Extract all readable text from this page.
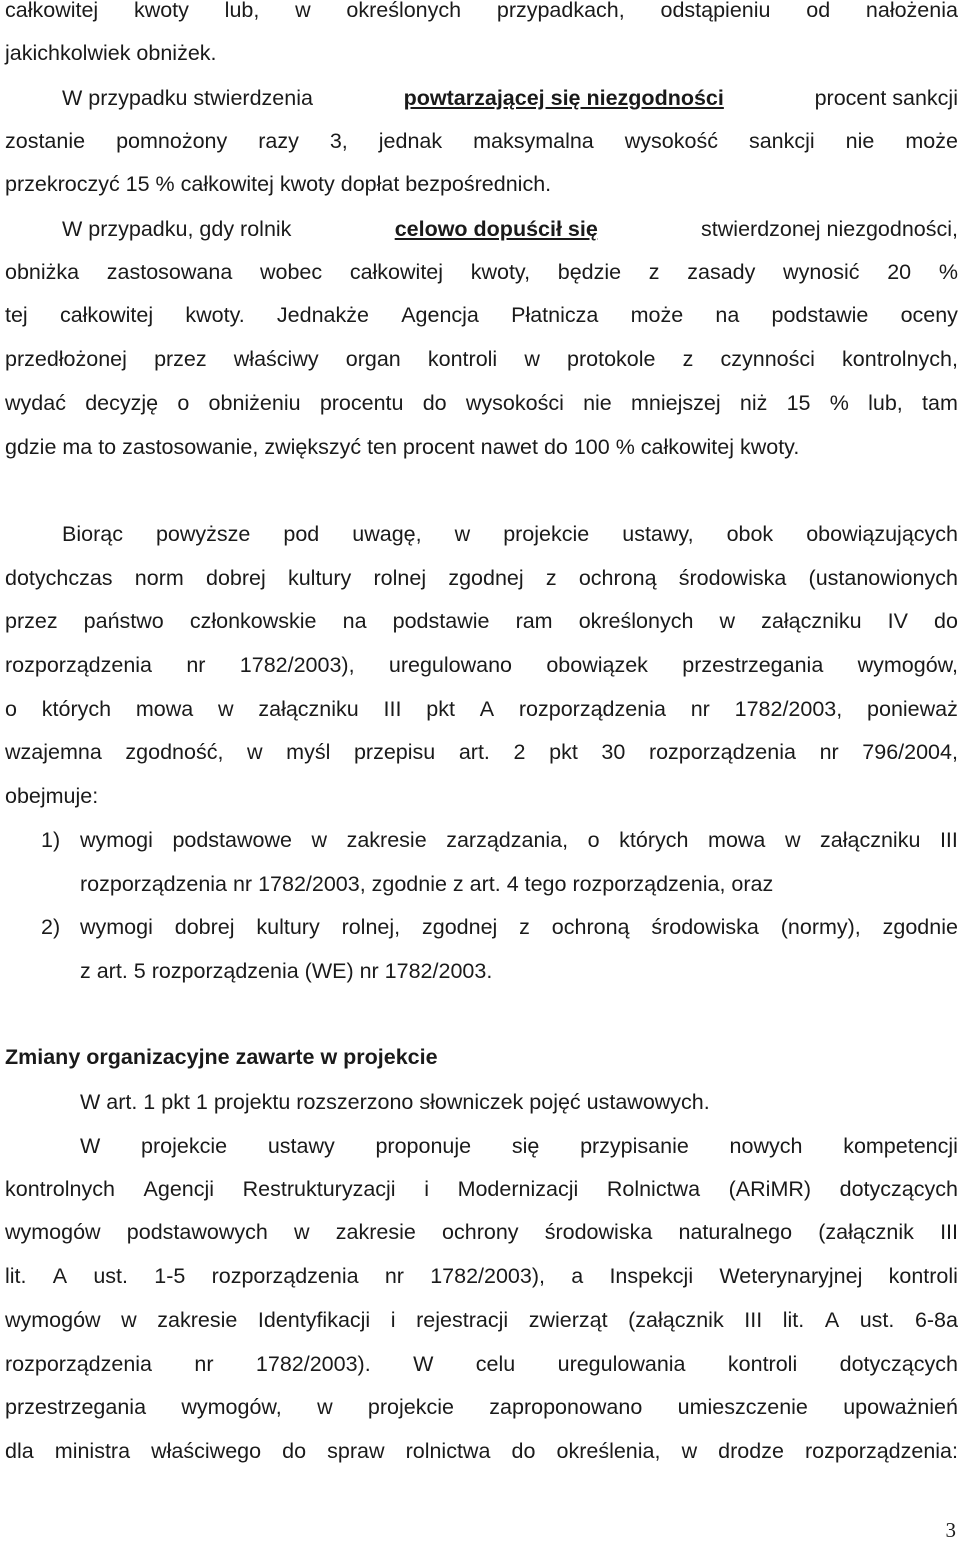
całkowitej kwoty lub, w określonych przypadkach, odstąpieniu od nałożenia
jakichkolwiek obniżek.
W przypadku stwierdzenia	powtarzającej się niezgodności	procent sankcji
zostanie pomnożony razy 3, jednak maksymalna wysokość sankcji nie może
przekroczyć 15 % całkowitej kwoty dopłat bezpośrednich.
W przypadku, gdy rolnik	celowo dopuścił się	stwierdzonej niezgodności,
obniżka zastosowana wobec całkowitej kwoty, będzie z zasady wynosić 20 %
tej całkowitej kwoty. Jednakże Agencja Płatnicza może na podstawie oceny
przedłożonej przez właściwy organ kontroli w protokole z czynności kontrolnych,
wydać decyzję o obniżeniu procentu do wysokości nie mniejszej niż 15 % lub, tam
gdzie ma to zastosowanie, zwiększyć ten procent nawet do 100 % całkowitej kwoty.
Biorąc powyższe pod uwagę, w projekcie ustawy, obok obowiązujących
dotychczas norm dobrej kultury rolnej zgodnej z ochroną środowiska (ustanowionych
przez państwo członkowskie na podstawie ram określonych w załączniku IV do
rozporządzenia nr 1782/2003), uregulowano obowiązek przestrzegania wymogów,
o których mowa w załączniku III pkt A rozporządzenia nr 1782/2003, ponieważ
wzajemna zgodność, w myśl przepisu art. 2 pkt 30 rozporządzenia nr 796/2004,
obejmuje:
1) wymogi podstawowe w zakresie zarządzania, o których mowa w załączniku III
rozporządzenia nr 1782/2003, zgodnie z art. 4 tego rozporządzenia, oraz
2) wymogi dobrej kultury rolnej, zgodnej z ochroną środowiska (normy), zgodnie
z art. 5 rozporządzenia (WE) nr 1782/2003.
Zmiany organizacyjne zawarte w projekcie
W art. 1 pkt 1 projektu rozszerzono słowniczek pojęć ustawowych.
W projekcie ustawy proponuje się przypisanie nowych kompetencji
kontrolnych Agencji Restrukturyzacji i Modernizacji Rolnictwa (ARiMR) dotyczących
wymogów podstawowych w zakresie ochrony środowiska naturalnego (załącznik III
lit. A ust. 1-5 rozporządzenia nr 1782/2003), a Inspekcji Weterynaryjnej kontroli
wymogów w zakresie Identyfikacji i rejestracji zwierząt (załącznik III lit. A ust. 6-8a
rozporządzenia nr 1782/2003). W celu uregulowania kontroli dotyczących
przestrzegania wymogów, w projekcie zaproponowano umieszczenie upoważnień
dla ministra właściwego do spraw rolnictwa do określenia, w drodze rozporządzenia:
3
